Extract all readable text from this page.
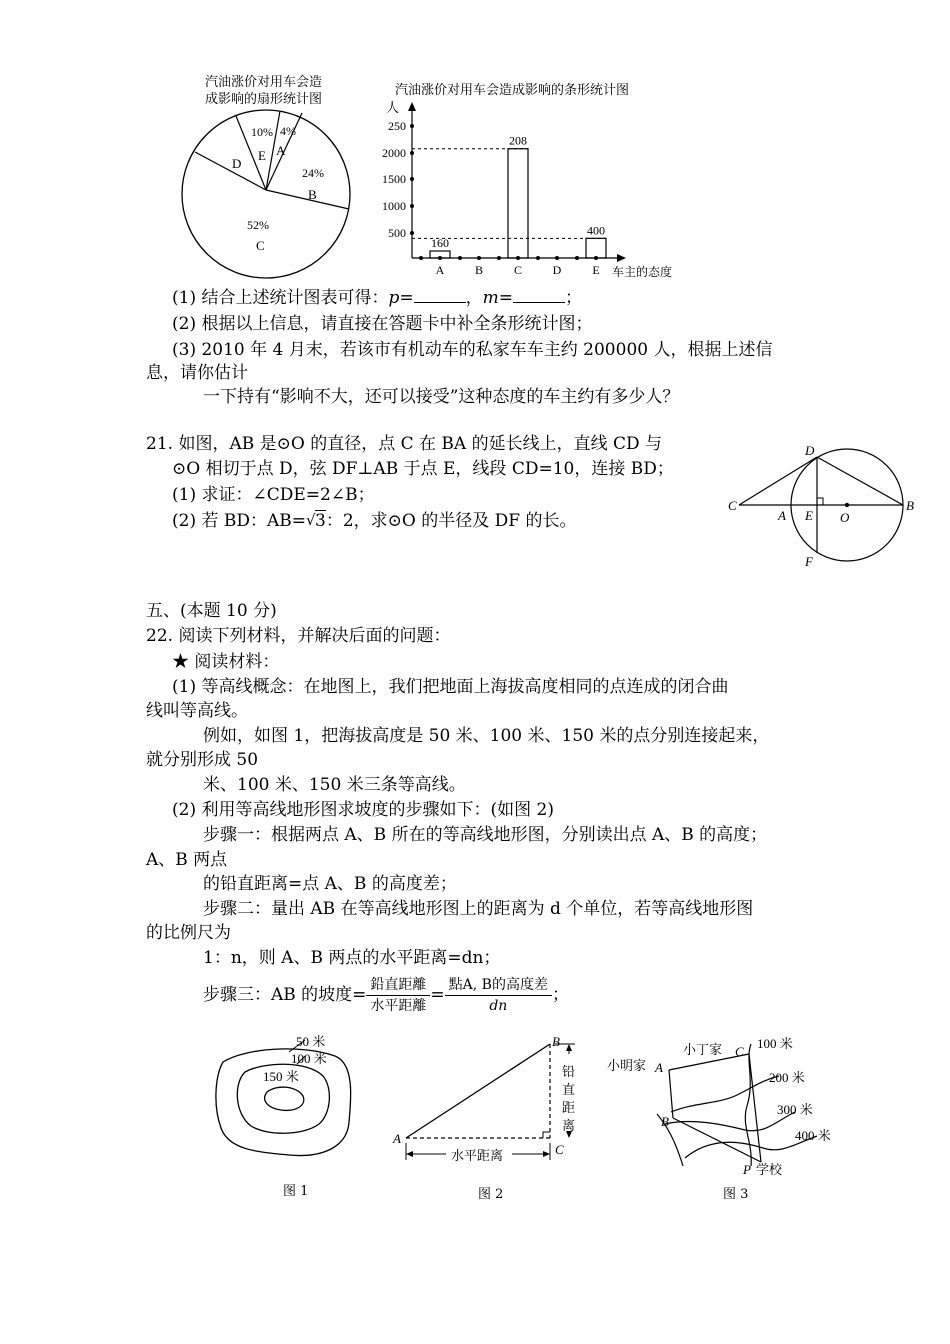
汽油涨价对用车会造
成影响的扇形统计图
10%
E
4%
A
D
24%
B
52%
C
汽油涨价对用车会造成影响的条形统计图
人
车主的态度
250
2000
1500
1000
500
A	B	C	D	E
160
208
400
(1) 结合上述统计图表可得：p=	，m=	；
(2) 根据以上信息，请直接在答题卡中补全条形统计图；
(3) 2010 年 4 月末，若该市有机动车的私家车车主约 200000 人，根据上述信
息，请你估计
一下持有“影响不大，还可以接受”这种态度的车主约有多少人？
21. 如图，AB 是⊙O 的直径，点 C 在 BA 的延长线上，直线 CD 与
⊙O 相切于点 D，弦 DF⊥AB 于点 E，线段 CD=10，连接 BD；
(1) 求证：∠CDE=2∠B；
(2) 若 BD：AB= √ 3：2，求⊙O 的半径及 DF 的长。
C
A E O
B
D
F
五、(本题 10 分)
22. 阅读下列材料，并解决后面的问题：
★ 阅读材料：
(1) 等高线概念：在地图上，我们把地面上海拔高度相同的点连成的闭合曲
线叫等高线。
例如，如图 1，把海拔高度是 50 米、100 米、150 米的点分别连接起来，
就分别形成 50
米、100 米、150 米三条等高线。
(2) 利用等高线地形图求坡度的步骤如下：(如图 2)
步骤一：根据两点 A、B 所在的等高线地形图，分别读出点 A、B 的高度；
A、B 两点
的铅直距离=点 A、B 的高度差；
步骤二：量出 AB 在等高线地形图上的距离为 d 个单位，若等高线地形图
的比例尺为
1：n，则 A、B 两点的水平距离=dn；
步骤三：AB 的坡度= $\frac{\text{鉛直距離}}{\text{水平距離}} = \frac{\text{點A, B的高度差}}{dn}$ ；
50 米
100 米
150 米
图 1
A
B
C
水平距离
铅
直
距
离
图 2
小明家 A
小丁家 C
B
P 学校
100 米
200 米
300 米
400 米
图 3
